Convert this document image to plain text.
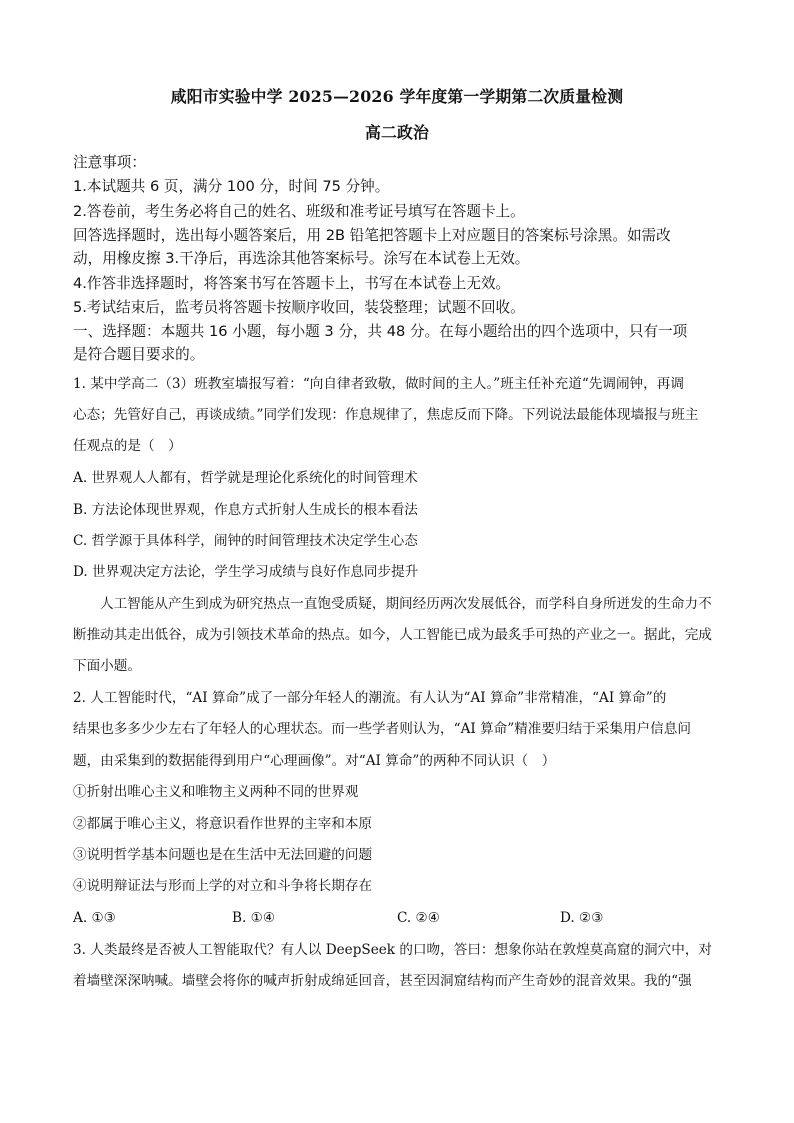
咸阳市实验中学 2025—2026 学年度第一学期第二次质量检测
高二政治
注意事项：
1.本试题共 6 页，满分 100 分，时间 75 分钟。
2.答卷前，考生务必将自己的姓名、班级和准考证号填写在答题卡上。
回答选择题时，选出每小题答案后，用 2B 铅笔把答题卡上对应题目的答案标号涂黑。如需改
动，用橡皮擦 3.干净后，再选涂其他答案标号。涂写在本试卷上无效。
4.作答非选择题时，将答案书写在答题卡上，书写在本试卷上无效。
5.考试结束后，监考员将答题卡按顺序收回，装袋整理；试题不回收。
一、选择题：本题共 16 小题，每小题 3 分，共 48 分。在每小题给出的四个选项中，只有一项
是符合题目要求的。
1. 某中学高二（3）班教室墙报写着：“向自律者致敬，做时间的主人。”班主任补充道“先调闹钟，再调
心态；先管好自己，再谈成绩。”同学们发现：作息规律了，焦虑反而下降。下列说法最能体现墙报与班主
任观点的是（　）
A. 世界观人人都有，哲学就是理论化系统化的时间管理术
B. 方法论体现世界观，作息方式折射人生成长的根本看法
C. 哲学源于具体科学，闹钟的时间管理技术决定学生心态
D. 世界观决定方法论，学生学习成绩与良好作息同步提升
人工智能从产生到成为研究热点一直饱受质疑，期间经历两次发展低谷，而学科自身所迸发的生命力不
断推动其走出低谷，成为引领技术革命的热点。如今，人工智能已成为最炙手可热的产业之一。据此，完成
下面小题。
2. 人工智能时代，“AI 算命”成了一部分年轻人的潮流。有人认为“AI 算命”非常精准，“AI 算命”的
结果也多多少少左右了年轻人的心理状态。而一些学者则认为，“AI 算命”精准要归结于采集用户信息问
题，由采集到的数据能得到用户“心理画像”。对“AI 算命”的两种不同认识（　）
①折射出唯心主义和唯物主义两种不同的世界观
②都属于唯心主义，将意识看作世界的主宰和本原
③说明哲学基本问题也是在生活中无法回避的问题
④说明辩证法与形而上学的对立和斗争将长期存在
A. ①③	B. ①④	C. ②④	D. ②③
3. 人类最终是否被人工智能取代？有人以 DeepSeek 的口吻，答曰：想象你站在敦煌莫高窟的洞穴中，对
着墙壁深深呐喊。墙壁会将你的喊声折射成绵延回音，甚至因洞窟结构而产生奇妙的混音效果。我的“强
